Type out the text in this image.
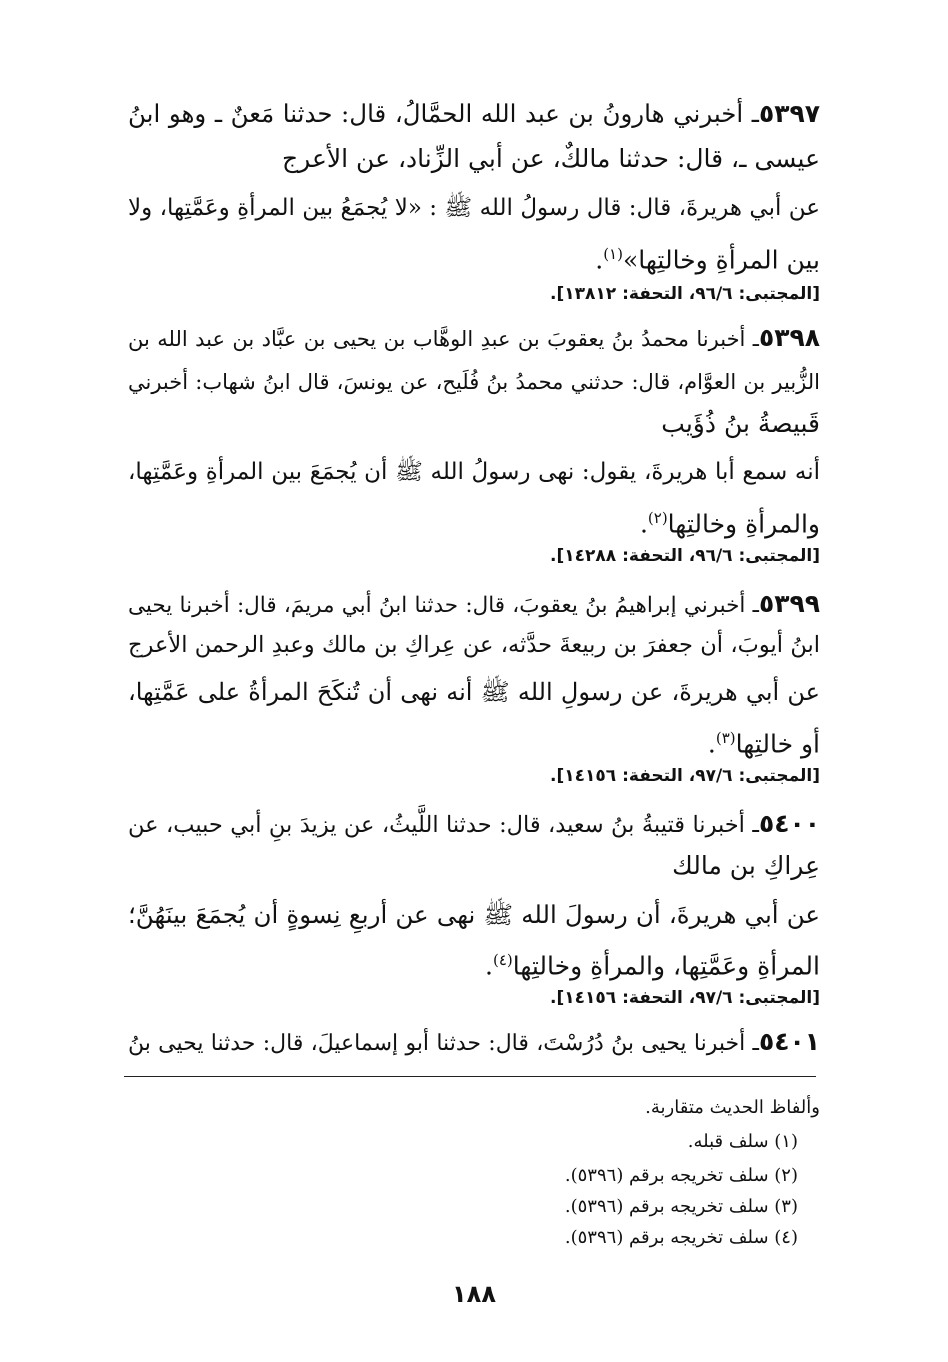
٥٣٩٧ـ أخبرني هارونُ بن عبد الله الحمَّالُ، قال: حدثنا مَعنٌ ـ وهو ابنُ
عيسى ـ، قال: حدثنا مالكٌ، عن أبي الزِّناد، عن الأعرج
عن أبي هريرةَ، قال: قال رسولُ الله ﷺ : «لا يُجمَعُ بين المرأةِ وعَمَّتِها، ولا
بين المرأةِ وخالتِها»$^{(١)}$.
[المجتبى: ٩٦/٦، التحفة: ١٣٨١٢].
٥٣٩٨ـ أخبرنا محمدُ بنُ يعقوبَ بن عبدِ الوهَّاب بن يحيى بن عبَّاد بن عبد الله بن
الزُّبير بن العوَّام، قال: حدثني محمدُ بنُ فُلَيح، عن يونسَ، قال ابنُ شهاب: أخبرني
قَبيصةُ بنُ ذُؤَيب
أنه سمع أبا هريرةَ، يقول: نهى رسولُ الله ﷺ أن يُجمَعَ بين المرأةِ وعَمَّتِها،
والمرأةِ وخالتِها$^{(٢)}$.
[المجتبى: ٩٦/٦، التحفة: ١٤٢٨٨].
٥٣٩٩ـ أخبرني إبراهيمُ بنُ يعقوبَ، قال: حدثنا ابنُ أبي مريمَ، قال: أخبرنا يحيى
ابنُ أيوبَ، أن جعفرَ بن ربيعةَ حدَّثه، عن عِراكِ بن مالك وعبدِ الرحمن الأعرج
عن أبي هريرةَ، عن رسولِ الله ﷺ أنه نهى أن تُنكَحَ المرأةُ على عَمَّتِها،
أو خالتِها$^{(٣)}$.
[المجتبى: ٩٧/٦، التحفة: ١٤١٥٦].
٥٤٠٠ـ أخبرنا قتيبةُ بنُ سعيد، قال: حدثنا اللَّيثُ، عن يزيدَ بنِ أبي حبيب، عن
عِراكِ بن مالك
عن أبي هريرةَ، أن رسولَ الله ﷺ نهى عن أربعِ نِسوةٍ أن يُجمَعَ بينَهُنَّ؛
المرأةِ وعَمَّتِها، والمرأةِ وخالتِها$^{(٤)}$.
[المجتبى: ٩٧/٦، التحفة: ١٤١٥٦].
٥٤٠١ـ أخبرنا يحيى بنُ دُرُسْتَ، قال: حدثنا أبو إسماعيلَ، قال: حدثنا يحيى بنُ
وألفاظ الحديث متقاربة.
(١) سلف قبله.
(٢) سلف تخريجه برقم (٥٣٩٦).
(٣) سلف تخريجه برقم (٥٣٩٦).
(٤) سلف تخريجه برقم (٥٣٩٦).
١٨٨
